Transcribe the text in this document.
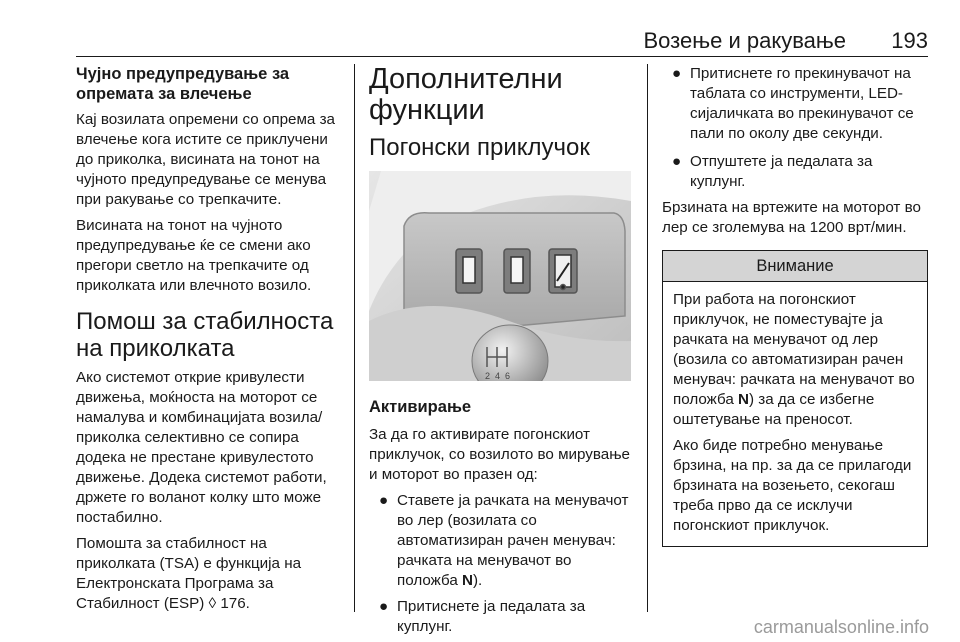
Возење и ракување	193

Чујно предупредување за опремата за влечење

Кај возилата опремени со опрема за влечење кога истите се приклучени до приколка, висината на тонот на чујното предупредување се менува при ракување со трепкачите.

Висината на тонот на чујното предупредување ќе се смени ако прегори светло на трепкачите од приколката или влечното возило.

Помош за стабилноста на приколката

Ако системот открие кривулести движења, моќноста на моторот се намалува и комбинацијата возила/приколка селективно се сопира додека не престане кривулестото движење. Додека системот работи, држете го воланот колку што може постабилно.

Помошта за стабилност на приколката (TSA) е функција на Електронската Програма за Стабилност (ESP) ◊ 176.

Дополнителни функции
Погонски приклучок
2 4 6

Активирање

За да го активирате погонскиот приклучок, со возилото во мирување и моторот во празен од:

● Ставете ја рачката на менувачот во лер (возилата со автоматизиран рачен менувач: рачката на менувачот во положба N).
● Притиснете ја педалата за куплунг.
● Притиснете го прекинувачот на таблата со инструменти, LED-сијаличката во прекинувачот се пали по околу две секунди.
● Отпуштете ја педалата за куплунг.

Брзината на вртежите на моторот во лер се зголемува на 1200 врт/мин.

Внимание

При работа на погонскиот приклучок, не поместувајте ја рачката на менувачот од лер (возила со автоматизиран рачен менувач: рачката на менувачот во положба N) за да се избегне оштетување на преносот.

Ако биде потребно менување брзина, на пр. за да се прилагоди брзината на возењето, секогаш треба прво да се исклучи погонскиот приклучок.

carmanualsonline.info
